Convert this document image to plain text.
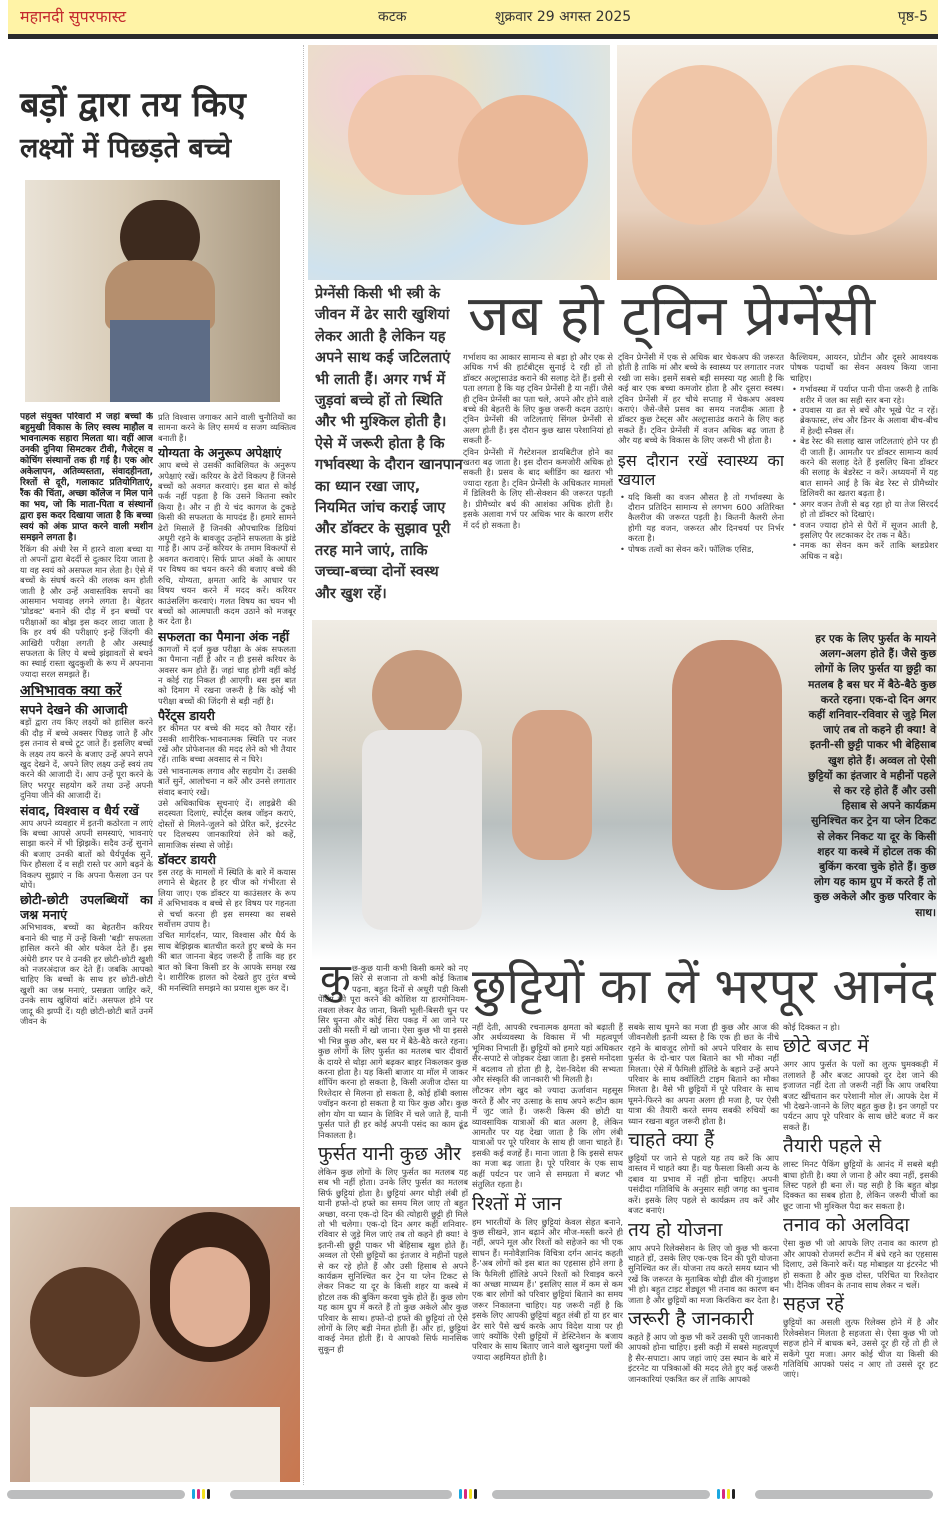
महानदी सुपरफास्ट	कटक	शुक्रवार 29 अगस्त 2025	पृष्ठ-5
बड़ों द्वारा तय किए
लक्ष्यों में पिछड़ते बच्चे
पहले संयुक्त परिवारों में जहां बच्चों के बहुमुखी विकास के लिए स्वस्थ माहौल व भावनात्मक सहारा मिलता था। वहीं आज उनकी दुनिया सिमटकर टीवी, गैजेट्स व कोचिंग संस्थानों तक ही गई है। एक ओर अकेलापन, अतिव्यस्तता, संवादहीनता, रिश्तों से दूरी, गलाकाट प्रतियोगिताएं, रैंक की चिंता, अच्छा कॉलेज न मिल पाने का भय, जो कि माता-पिता व संस्थानों द्वारा इस कदर दिखाया जाता है कि बच्चा स्वयं को अंक प्राप्त करने वाली मशीन समझने लगता है।
रैंकिंग की अंधी रेस में हारने वाला बच्चा या तो अपनों द्वारा बेदर्दी से दुत्कार दिया जाता है या वह स्वयं को असफल मान लेता है। ऐसे में बच्चों के संघर्ष करने की ललक कम होती जाती है और उन्हें अवास्तविक सपनों का आसमान भयावह लगने लगता है। बेहतर 'प्रोडक्ट' बनाने की दौड़ में इन बच्चों पर परीक्षाओं का बोझ इस कदर लादा जाता है कि हर वर्ष की परीक्षाएं इन्हें जिंदगी की आखिरी परीक्षा लगती है और अस्थाई सफलता के लिए ये बच्चे झंझावतों से बचने का स्थाई रास्ता खुदकुशी के रूप में अपनाना ज्यादा सरल समझते हैं।
अभिभावक क्या करें
सपने देखने की आजादी
बड़ों द्वारा तय किए लक्ष्यों को हासिल करने की दौड़ में बच्चे अक्सर पिछड़ जाते हैं और इस तनाव से बच्चे टूट जाते हैं। इसलिए बच्चों के लक्ष्य तय करने के बजाए उन्हें अपने सपने खुद देखने दें, अपने लिए लक्ष्य उन्हें स्वयं तय करने की आजादी दें। आप उन्हें पूरा करने के लिए भरपूर सहयोग करें तथा उन्हें अपनी दुनिया जीने की आजादी दें।
संवाद, विश्वास व धैर्य रखें
आप अपने व्यवहार में इतनी कठोरता न लाएं कि बच्चा आपसे अपनी समस्याएं, भावनाएं साझा करने में भी झिझकें। सदैव उन्हें सुनाने की बजाए उनकी बातों को धैर्यपूर्वक सुनें, फिर हौसला दें व सही रास्ते पर आगे बढ़ने के विकल्प सुझाएं न कि अपना फैसला उन पर थोपें।
छोटी-छोटी उपलब्धियों का जश्न मनाएं
अभिभावक, बच्चों का बेहतरीन करियर बनाने की चाह में उन्हें किसी 'बड़ी' सफलता हासिल करने की ओर धकेल देते हैं। इस अंधेरी डगर पर वे उनकी हर छोटी-छोटी खुशी को नजरअंदाज कर देते हैं। जबकि आपको चाहिए कि बच्चों के साथ हर छोटी-छोटी खुशी का जश्न मनाएं, प्रसन्नता जाहिर करें, उनके साथ खुशियां बांटें। असफल होने पर जादू की झप्पी दें। यही छोटी-छोटी बातें उनमें जीवन के
प्रति विश्वास जगाकर आने वाली चुनौतियों का सामना करने के लिए समर्थ व सजग व्यक्तित्व बनाती हैं।
योग्यता के अनुरूप अपेक्षाएं
आप बच्चे से उसकी काबिलियत के अनुरूप अपेक्षाएं रखें। करियर के ढेरों विकल्प हैं जिनसे बच्चों को अवगत करवाएं। इस बात से कोई फर्क नहीं पड़ता है कि उसने कितना स्कोर किया है। और न ही ये चंद कागज के टुकड़े किसी की सफलता के मापदंड हैं। हमारे सामने ढेरों मिसालें हैं जिनकी औपचारिक डिग्रियां अधूरी रहने के बावजूद उन्होंने सफलता के झंडे गाड़े हैं। आप उन्हें करियर के तमाम विकल्पों से अवगत करावाएं। सिर्फ प्राप्त अंकों के आधार पर विषय का चयन करने की बजाए बच्चे की रुचि, योग्यता, क्षमता आदि के आधार पर विषय चयन करने में मदद करें। करियर काउंसलिंग करवाएं। गलत विषय का चयन भी बच्चों को आत्मघाती कदम उठाने को मजबूर कर देता है।
सफलता का पैमाना अंक नहीं
कागजों में दर्ज कुछ परीक्षा के अंक सफलता का पैमाना नहीं है और न ही इससे करियर के अवसर कम होते हैं। जहां चाह होगी वहीं कोई न कोई राह निकल ही आएगी। बस इस बात को दिमाग में रखना जरूरी है कि कोई भी परीक्षा बच्चों की जिंदगी से बड़ी नहीं है।
पैरेंट्स डायरी
हर कीमत पर बच्चे की मदद को तैयार रहें। उसकी शारीरिक-भावनात्मक स्थिति पर नजर रखें और प्रोफेशनल की मदद लेने को भी तैयार रहें। ताकि बच्चा अवसाद से न घिरे।
उसे भावनात्मक लगाव और सहयोग दें। उसकी बातें सुनें, आलोचना न करें और उनसे लगातार संवाद बनाएं रखें।
उसे अधिकाधिक सूचनाएं दें। लाइब्रेरी की सदस्यता दिलाएं, स्पोर्ट्स क्लब जॉइन कराएं, दोस्तों से मिलने-जुलने को प्रेरित करें, इंटरनेट पर दिलचस्प जानकारियां लेने को कहें, सामाजिक संस्था से जोड़ें।
डॉक्टर डायरी
इस तरह के मामलों में स्थिति के बारे में कयास लगाने से बेहतर है हर चीज को गंभीरता से लिया जाए। एक डॉक्टर या काउंसलर के रूप में अभिभावक व बच्चे से हर विषय पर गहनता से चर्चा करना ही इस समस्या का सबसे सर्वोत्तम उपाय है।
उचित मार्गदर्शन, प्यार, विश्वास और धैर्य के साथ बेझिझक बातचीत करते हुए बच्चे के मन की बात जानना बेहद जरूरी है ताकि वह हर बात को बिना किसी डर के आपके समक्ष रख दे। शारीरिक हालत को देखते हुए तुरंत बच्चे की मनस्थिति समझने का प्रयास शुरू कर दें।
जब हो ट्विन प्रेग्नेंसी
प्रेग्नेंसी किसी भी स्त्री के जीवन में ढेर सारी खुशियां लेकर आती है लेकिन यह अपने साथ कई जटिलताएं भी लाती हैं। अगर गर्भ में जुड़वां बच्चे हों तो स्थिति और भी मुश्किल होती है। ऐसे में जरूरी होता है कि गर्भावस्था के दौरान खानपान का ध्यान रखा जाए, नियमित जांच कराई जाए और डॉक्टर के सुझाव पूरी तरह माने जाएं, ताकि जच्चा-बच्चा दोनों स्वस्थ और खुश रहें।
गर्भाशय का आकार सामान्य से बड़ा हो और एक से अधिक गर्भ की हार्टबीट्स सुनाई दे रही हों तो डॉक्टर अल्ट्रासाउंड कराने की सलाह देते हैं। इसी से पता लगता है कि यह ट्विन प्रेग्नेंसी है या नहीं। जैसे ही ट्विन प्रेग्नेंसी का पता चले, अपने और होने वाले बच्चे की बेहतरी के लिए कुछ जरूरी कदम उठाएं। ट्विन प्रेग्नेंसी की जटिलताएं सिंगल प्रेग्नेंसी से अलग होती हैं। इस दौरान कुछ खास परेशानियां हो सकती हैं-
ट्विन प्रेग्नेंसी में गैस्टेशनल डायबिटीज होने का खतरा बढ़ जाता है। इस दौरान कमजोरी अधिक हो सकती है। प्रसव के बाद ब्लीडिंग का खतरा भी ज्यादा रहता है। ट्विन प्रेग्नेंसी के अधिकतर मामलों में डिलिवरी के लिए सी-सेक्शन की जरूरत पड़ती है। प्रीमैच्योर बर्थ की आशंका अधिक होती है। इसके अलावा गर्भ पर अधिक भार के कारण शरीर में दर्द हो सकता है।
ट्विन प्रेग्नेंसी में एक से अधिक बार चेकअप की जरूरत होती है ताकि मां और बच्चे के स्वास्थ्य पर लगातार नजर रखी जा सके। इसमें सबसे बड़ी समस्या यह आती है कि कई बार एक बच्चा कमजोर होता है और दूसरा स्वस्थ। ट्विन प्रेग्नेंसी में हर चौथे सप्ताह में चेकअप अवश्य कराएं। जैसे-जैसे प्रसव का समय नजदीक आता है डॉक्टर कुछ टेस्ट्स और अल्ट्रासाउंड कराने के लिए कह सकते हैं। ट्विन प्रेग्नेंसी में वजन अधिक बढ़ जाता है और यह बच्चे के विकास के लिए जरूरी भी होता है।
इस दौरान रखें स्वास्थ्य का खयाल
• यदि किसी का वजन औसत है तो गर्भावस्था के दौरान प्रतिदिन सामान्य से लगभग 600 अतिरिक्त कैलरीज की जरूरत पड़ती है। कितनी कैलरी लेना होगी यह वजन, जरूरत और दिनचर्या पर निर्भर करता है।
• पोषक तत्वों का सेवन करें। फॉलिक एसिड,
कैल्शियम, आयरन, प्रोटीन और दूसरे आवश्यक पोषक पदार्थों का सेवन अवश्य किया जाना चाहिए।
• गर्भावस्था में पर्याप्त पानी पीना जरूरी है ताकि शरीर में जल का सही स्तर बना रहे।
• उपवास या व्रत से बचें और भूखे पेट न रहें। ब्रेकफास्ट, लंच और डिनर के अलावा बीच-बीच में हेल्दी स्नैक्स लें।
• बेड रेस्ट की सलाह खास जटिलताएं होने पर ही दी जाती हैं। आमतौर पर डॉक्टर सामान्य कार्य करने की सलाह देते हैं इसलिए बिना डॉक्टर की सलाह के बेडरेस्ट न करें। अध्ययनों में यह बात सामने आई है कि बेड रेस्ट से प्रीमैच्योर डिलिवरी का खतरा बढ़ता है।
• अगर वजन तेजी से बढ़ रहा हो या तेज सिरदर्द हो तो डॉक्टर को दिखाएं।
• वजन ज्यादा होने से पैरों में सूजन आती है, इसलिए पैर लटकाकर देर तक न बैठें।
• नमक का सेवन कम करें ताकि ब्लडप्रेशर अधिक न बढ़े।
हर एक के लिए फुर्सत के मायने अलग-अलग होते हैं। जैसे कुछ लोगों के लिए फुर्सत या छुट्टी का मतलब है बस घर में बैठे-बैठे कुछ करते रहना। एक-दो दिन अगर कहीं शनिवार-रविवार से जुड़े मिल जाएं तब तो कहने ही क्या! वे इतनी-सी छुट्टी पाकर भी बेहिसाब खुश होते हैं। अव्वल तो ऐसी छुट्टियों का इंतजार वे महीनों पहले से कर रहे होते हैं और उसी हिसाब से अपने कार्यक्रम सुनिश्चित कर ट्रेन या प्लेन टिकट से लेकर निकट या दूर के किसी शहर या कस्बे में होटल तक की बुकिंग करवा चुके होते हैं। कुछ लोग यह काम ग्रुप में करते हैं तो कुछ अकेले और कुछ परिवार के साथ।
छुट्टियों का लें भरपूर आनंद
कु छ-कुछ यानी कभी किसी कमरे को नए सिरे से सजाना तो कभी कोई किताब पढ़ना, बहुत दिनों से अधूरी पड़ी किसी पेंटिंग को पूरा करने की कोशिश या हारमोनियम-तबला लेकर बैठ जाना, किसी भूली-बिसरी धुन पर सिर धुनना और कोई सिरा पकड़ में आ जाने पर उसी की मस्ती में खो जाना। ऐसा कुछ भी या इससे भी भिन्न कुछ और, बस घर में बैठे-बैठे करते रहना। कुछ लोगों के लिए फुर्सत का मतलब चार दीवारों के दायरे से थोड़ा आगे बढ़कर बाहर निकलकर कुछ करना होता है। यह किसी बाजार या मॉल में जाकर शॉपिंग करना हो सकता है, किसी अजीज दोस्त या रिश्तेदार से मिलना हो सकता है, कोई हॉबी क्लास ज्वॉइन करना हो सकता है या फिर कुछ और। कुछ लोग योग या ध्यान के शिविर में चले जाते हैं, यानी फुर्सत पाते ही हर कोई अपनी पसंद का काम ढूंढ निकालता है।
फुर्सत यानी कुछ और
लेकिन कुछ लोगों के लिए फुर्सत का मतलब यह सब भी नहीं होता। उनके लिए फुर्सत का मतलब सिर्फ छुट्टियां होता है। छुट्टियां अगर थोड़ी लंबी हों यानी हफ्ते-दो हफ्ते का समय मिल जाए तो बहुत अच्छा, वरना एक-दो दिन की त्योहारी छुट्टी ही मिले तो भी चलेगा। एक-दो दिन अगर कहीं शनिवार-रविवार से जुड़े मिल जाएं तब तो कहने ही क्या! वे इतनी-सी छुट्टी पाकर भी बेहिसाब खुश होते हैं। अव्वल तो ऐसी छुट्टियों का इंतजार वे महीनों पहले से कर रहे होते हैं और उसी हिसाब से अपने कार्यक्रम सुनिश्चित कर ट्रेन या प्लेन टिकट से लेकर निकट या दूर के किसी शहर या कस्बे में होटल तक की बुकिंग करवा चुके होते हैं। कुछ लोग यह काम ग्रुप में करते हैं तो कुछ अकेले और कुछ परिवार के साथ। हफ्ते-दो हफ्ते की छुट्टियां तो ऐसे लोगों के लिए बड़ी नेमत होती हैं। और हां, छुट्टियां वाकई नेमत होती हैं। ये आपको सिर्फ मानसिक सुकून ही
नहीं देती, आपकी रचनात्मक क्षमता को बढ़ाती हैं और अर्थव्यवस्था के विकास में भी महत्वपूर्ण भूमिका निभाती हैं। छुट्टियों को हमारे यहां अधिकतर सैर-सपाटे से जोड़कर देखा जाता है। इससे मनोदशा में बदलाव तो होता ही है, देश-विदेश की सभ्यता और संस्कृति की जानकारी भी मिलती है।
लौटकर लोग खुद को ज्यादा ऊर्जावान महसूस करते हैं और नए उत्साह के साथ अपने रूटीन काम में जुट जाते हैं। जरूरी किस्म की छोटी या व्यावसायिक यात्राओं की बात अलग है, लेकिन आमतौर पर यह देखा जाता है कि लोग लंबी यात्राओं पर पूरे परिवार के साथ ही जाना चाहते हैं। इसकी कई वजहें हैं। माना जाता है कि इससे सफर का मजा बढ़ जाता है। पूरे परिवार के एक साथ कहीं पर्यटन पर जाने से समग्रता में बजट भी संतुलित रहता है।
रिश्तों में जान
हम भारतीयों के लिए छुट्टियां केवल सेहत बनाने, कुछ सीखने, ज्ञान बढ़ाने और मौज-मस्ती करने ही नहीं, अपने मूल और रिश्तों को सहेजने का भी एक साधन हैं। मनोवैज्ञानिक विचित्रा दर्गन आनंद कहती हैं-'अब लोगों को इस बात का एहसास होने लगा है कि फैमिली हॉलिडे अपने रिश्तों को रिवाइव करने का अच्छा माध्यम हैं।' इसलिए साल में कम से कम एक बार लोगों को परिवार छुट्टियां बिताने का समय जरूर निकालना चाहिए। यह जरूरी नहीं है कि इसके लिए आपकी छुट्टियां बहुत लंबी हों या हर बार ढेर सारे पैसे खर्च करके आप विदेश यात्रा पर ही जाएं क्योंकि ऐसी छुट्टियों में डेस्टिनेशन के बजाय परिवार के साथ बिताए जाने वाले खुशनुमा पलों की ज्यादा अहमियत होती है।
सबके साथ घूमने का मजा ही कुछ और आज की जीवनशैली इतनी व्यस्त है कि एक ही छत के नीचे रहने के बावजूद लोगों को अपने परिवार के साथ फुर्सत के दो-चार पल बिताने का भी मौका नहीं मिलता। ऐसे में फैमिली हॉलिडे के बहाने उन्हें अपने परिवार के साथ क्वॉलिटी टाइम बिताने का मौका मिलता है। वैसे भी छुट्टियों में पूरे परिवार के साथ घूमने-फिरने का अपना अलग ही मजा है, पर ऐसी यात्रा की तैयारी करते समय सबकी रुचियों का ध्यान रखना बहुत जरूरी होता है।
चाहते क्या हैं
छुट्टियों पर जाने से पहले यह तय करें कि आप वास्तव में चाहते क्या हैं। यह फैसला किसी अन्य के दबाव या प्रभाव में नहीं होना चाहिए। अपनी पसंदीदा गतिविधि के अनुसार सही जगह का चुनाव करें। इसके लिए पहले से कार्यक्रम तय करें और बजट बनाएं।
तय हो योजना
आप अपने रिलेक्सेशन के लिए जो कुछ भी करना चाहते हों, उसके लिए एक-एक दिन की पूरी योजना सुनिश्चित कर लें। योजना तय करते समय ध्यान भी रखें कि जरूरत के मुताबिक थोड़ी ढील की गुंजाइश भी हो। बहुत टाइट शेड्यूल भी तनाव का कारण बन जाता है और छुट्टियों का मजा किरकिरा कर देता है।
जरूरी है जानकारी
कहते हैं आप जो कुछ भी करें उसकी पूरी जानकारी आपको होना चाहिए। इसी कड़ी में सबसे महत्वपूर्ण है सैर-सपाटा। आप जहां जाएं उस स्थान के बारे में इंटरनेट या पत्रिकाओं की मदद लेते हुए कई जरूरी जानकारियां एकत्रित कर लें ताकि आपको
कोई दिक्कत न हो।
छोटे बजट में
अगर आप फुर्सत के पलों का लुत्फ घुमक्कड़ी में तलाशते हैं और बजट आपको दूर देश जाने की इजाजत नहीं देता तो जरूरी नहीं कि आप जबरिया बजट खींचतान कर परेशानी मोल लें। आपके देश में भी देखने-जानने के लिए बहुत कुछ है। इन जगहों पर पर्यटन आप पूरे परिवार के साथ छोटे बजट में कर सकते हैं।
तैयारी पहले से
लास्ट मिनट पैकिंग छुट्टियों के आनंद में सबसे बड़ी बाधा होती है। क्या ले जाना है और क्या नहीं, इसकी लिस्ट पहले ही बना लें। यह सही है कि बहुत बोझ दिक्कत का सबब होता है, लेकिन जरूरी चीजों का छूट जाना भी मुश्किल पैदा कर सकता है।
तनाव को अलविदा
ऐसा कुछ भी जो आपके लिए तनाव का कारण हो और आपको रोजमर्रा रूटीन में बंधे रहने का एहसास दिलाए, उसे किनारे करें। यह मोबाइल या इंटरनेट भी हो सकता है और कुछ दोस्त, परिचित या रिश्तेदार भी। दैनिक जीवन के तनाव साथ लेकर न चलें।
सहज रहें
छुट्टियों का असली लुत्फ रिलेक्स होने में है और रिलेक्सेशन मिलता है सहजता से। ऐसा कुछ भी जो सहज होने में बाधक बने, उससे दूर ही रहें तो ही ले सकेंगे पूरा मजा। अगर कोई चीज या किसी की गतिविधि आपको पसंद न आए तो उससे दूर हट जाएं।
